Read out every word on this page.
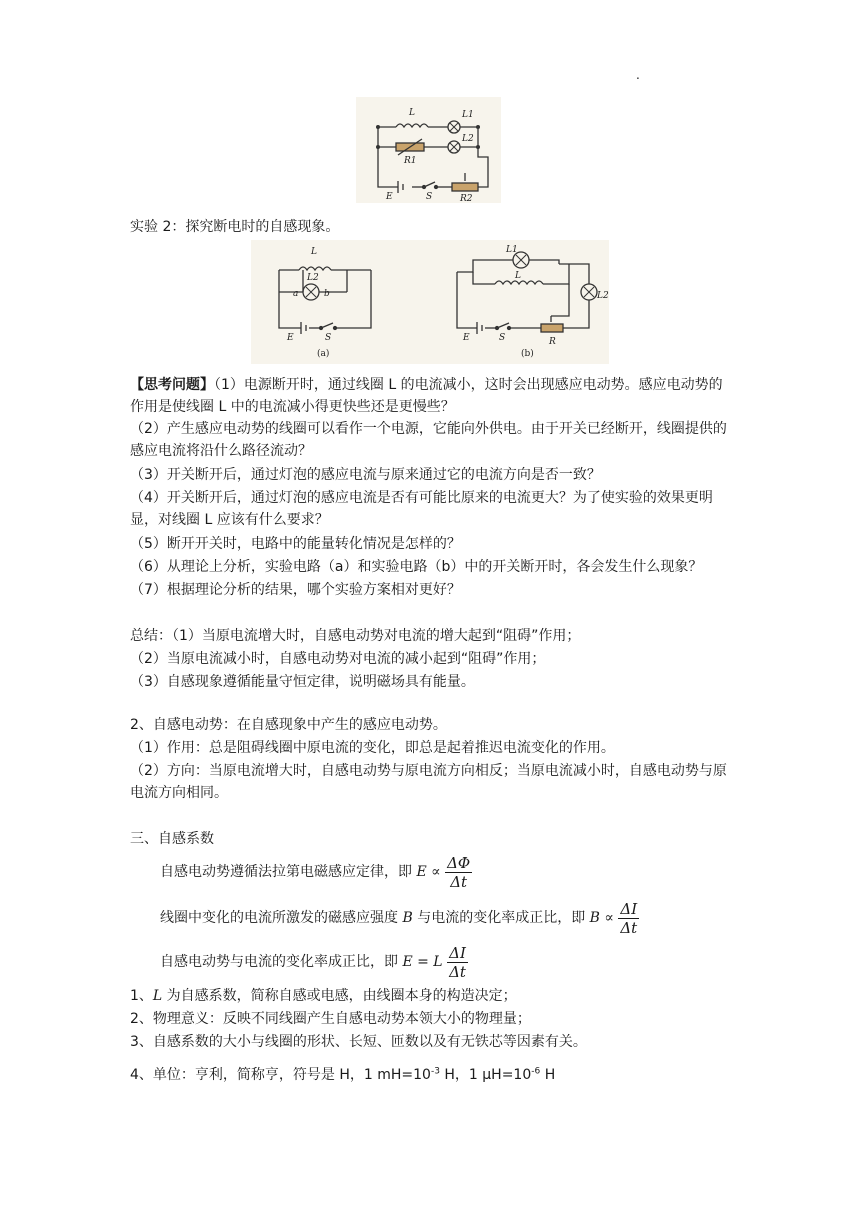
.
L	L1
L2
R1
E	S	R2
实验 2：探究断电时的自感现象。
L
L2
a	b
E	S
L1
L
L2
E	S	R
(a)	(b)
【思考问题】（1）电源断开时，通过线圈 L 的电流减小，这时会出现感应电动势。感应电动势的作用是使线圈 L 中的电流减小得更快些还是更慢些？
（2）产生感应电动势的线圈可以看作一个电源，它能向外供电。由于开关已经断开，线圈提供的感应电流将沿什么路径流动？
（3）开关断开后，通过灯泡的感应电流与原来通过它的电流方向是否一致？
（4）开关断开后，通过灯泡的感应电流是否有可能比原来的电流更大？为了使实验的效果更明显，对线圈 L 应该有什么要求？
（5）断开开关时，电路中的能量转化情况是怎样的？
（6）从理论上分析，实验电路（a）和实验电路（b）中的开关断开时，各会发生什么现象？
（7）根据理论分析的结果，哪个实验方案相对更好？
总结：（1）当原电流增大时，自感电动势对电流的增大起到“阻碍”作用；
（2）当原电流减小时，自感电动势对电流的减小起到“阻碍”作用；
（3）自感现象遵循能量守恒定律，说明磁场具有能量。
2、自感电动势：在自感现象中产生的感应电动势。
（1）作用：总是阻碍线圈中原电流的变化，即总是起着推迟电流变化的作用。
（2）方向：当原电流增大时，自感电动势与原电流方向相反；当原电流减小时，自感电动势与原电流方向相同。
三、自感系数
自感电动势遵循法拉第电磁感应定律，即 $E \propto \frac{\Delta\Phi}{\Delta t}$
线圈中变化的电流所激发的磁感应强度 B 与电流的变化率成正比，即 $B \propto \frac{\Delta I}{\Delta t}$
自感电动势与电流的变化率成正比，即 E = L $\frac{\Delta I}{\Delta t}$
1、L 为自感系数，简称自感或电感，由线圈本身的构造决定；
2、物理意义：反映不同线圈产生自感电动势本领大小的物理量；
3、自感系数的大小与线圈的形状、长短、匝数以及有无铁芯等因素有关。
4、单位：亨利，简称亨，符号是 H，1 $mH=10^{-3}$ H，1 $\mu H=10^{-6}$ H
